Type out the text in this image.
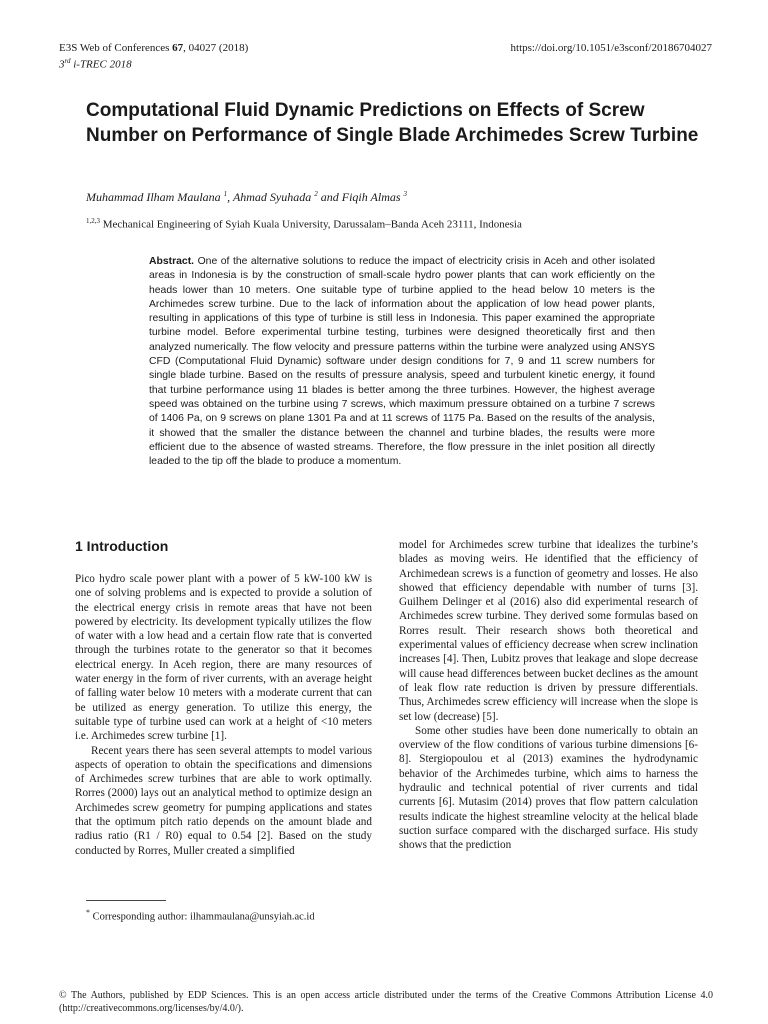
E3S Web of Conferences 67, 04027 (2018)
3rd i-TREC 2018
https://doi.org/10.1051/e3sconf/20186704027
Computational Fluid Dynamic Predictions on Effects of Screw Number on Performance of Single Blade Archimedes Screw Turbine
Muhammad Ilham Maulana $^1$, Ahmad Syuhada $^2$ and Fiqih Almas $^3$
$^{1,2,3}$ Mechanical Engineering of Syiah Kuala University, Darussalam–Banda Aceh 23111, Indonesia

Abstract. One of the alternative solutions to reduce the impact of electricity crisis in Aceh and other isolated areas in Indonesia is by the construction of small-scale hydro power plants that can work efficiently on the heads lower than 10 meters. One suitable type of turbine applied to the head below 10 meters is the Archimedes screw turbine. Due to the lack of information about the application of low head power plants, resulting in applications of this type of turbine is still less in Indonesia. This paper examined the appropriate turbine model. Before experimental turbine testing, turbines were designed theoretically first and then analyzed numerically. The flow velocity and pressure patterns within the turbine were analyzed using ANSYS CFD (Computational Fluid Dynamic) software under design conditions for 7, 9 and 11 screw numbers for single blade turbine. Based on the results of pressure analysis, speed and turbulent kinetic energy, it found that turbine performance using 11 blades is better among the three turbines. However, the highest average speed was obtained on the turbine using 7 screws, which maximum pressure obtained on a turbine 7 screws of 1406 Pa, on 9 screws on plane 1301 Pa and at 11 screws of 1175 Pa. Based on the results of the analysis, it showed that the smaller the distance between the channel and turbine blades, the results were more efficient due to the absence of wasted streams. Therefore, the flow pressure in the inlet position all directly leaded to the tip off the blade to produce a momentum.

1 Introduction

Pico hydro scale power plant with a power of 5 kW-100 kW is one of solving problems and is expected to provide a solution of the electrical energy crisis in remote areas that have not been powered by electricity. Its development typically utilizes the flow of water with a low head and a certain flow rate that is converted through the turbines rotate to the generator so that it becomes electrical energy. In Aceh region, there are many resources of water energy in the form of river currents, with an average height of falling water below 10 meters with a moderate current that can be utilized as energy generation. To utilize this energy, the suitable type of turbine used can work at a height of <10 meters i.e. Archimedes screw turbine [1].

Recent years there has seen several attempts to model various aspects of operation to obtain the specifications and dimensions of Archimedes screw turbines that are able to work optimally. Rorres (2000) lays out an analytical method to optimize design an Archimedes screw geometry for pumping applications and states that the optimum pitch ratio depends on the amount blade and radius ratio (R1 / R0) equal to 0.54 [2]. Based on the study conducted by Rorres, Muller created a simplified

model for Archimedes screw turbine that idealizes the turbine’s blades as moving weirs. He identified that the efficiency of Archimedean screws is a function of geometry and losses. He also showed that efficiency dependable with number of turns [3]. Guilhem Delinger et al (2016) also did experimental research of Archimedes screw turbine. They derived some formulas based on Rorres result. Their research shows both theoretical and experimental values of efficiency decrease when screw inclination increases [4]. Then, Lubitz proves that leakage and slope decrease will cause head differences between bucket declines as the amount of leak flow rate reduction is driven by pressure differentials. Thus, Archimedes screw efficiency will increase when the slope is set low (decrease) [5].

Some other studies have been done numerically to obtain an overview of the flow conditions of various turbine dimensions [6-8]. Stergiopoulou et al (2013) examines the hydrodynamic behavior of the Archimedes turbine, which aims to harness the hydraulic and technical potential of river currents and tidal currents [6]. Mutasim (2014) proves that flow pattern calculation results indicate the highest streamline velocity at the helical blade suction surface compared with the discharged surface. His study shows that the prediction

* Corresponding author: ilhammaulana@unsyiah.ac.id
© The Authors, published by EDP Sciences. This is an open access article distributed under the terms of the Creative Commons Attribution License 4.0 (http://creativecommons.org/licenses/by/4.0/).
